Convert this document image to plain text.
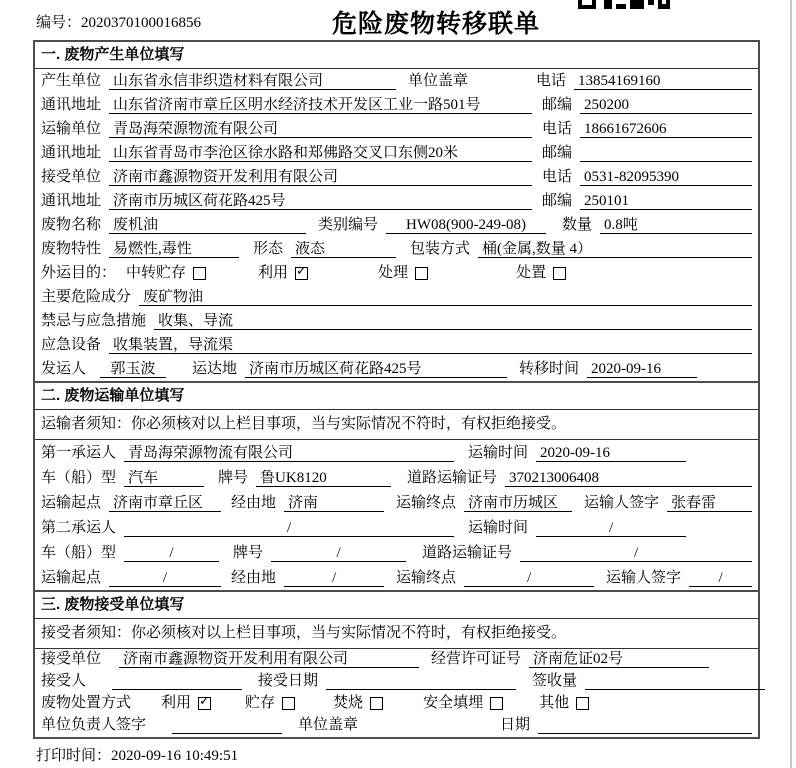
编号：2020370100016856	危险废物转移联单
一. 废物产生单位填写
产生单位 山东省永信非织造材料有限公司	单位盖章	电话 13854169160
通讯地址 山东省济南市章丘区明水经济技术开发区工业一路501号	邮编 250200
运输单位 青岛海荣源物流有限公司	电话 18661672606
通讯地址 山东省青岛市李沧区徐水路和郑佛路交叉口东侧20米	邮编
接受单位 济南市鑫源物资开发利用有限公司	电话 0531-82095390
通讯地址 济南市历城区荷花路425号	邮编 250101
废物名称 废机油	类别编号	HW08(900-249-08)	数量 0.8吨
废物特性 易燃性,毒性	形态 液态	包装方式 桶(金属,数量 4）
外运目的： 中转贮存	利用 ✓	处理	处置
主要危险成分 废矿物油
禁忌与应急措施 收集、导流
应急设备 收集装置，导流渠
发运人	郭玉波	运达地 济南市历城区荷花路425号	转移时间 2020-09-16
二. 废物运输单位填写
运输者须知：你必须核对以上栏目事项，当与实际情况不符时，有权拒绝接受。
第一承运人 青岛海荣源物流有限公司	运输时间 2020-09-16
车（船）型 汽车	牌号 鲁UK8120	道路运输证号 370213006408
运输起点 济南市章丘区	经由地 济南	运输终点 济南市历城区	运输人签字 张春雷
第二承运人	/	运输时间	/
车（船）型	/	牌号	/	道路运输证号	/
运输起点	/	经由地	/	运输终点	/	运输人签字	/
三. 废物接受单位填写
接受者须知：你必须核对以上栏目事项，当与实际情况不符时，有权拒绝接受。
接受单位 济南市鑫源物资开发利用有限公司	经营许可证号 济南危证02号
接受人	接受日期	签收量
废物处置方式 利用 ✓ 贮存	焚烧	安全填埋	其他
单位负责人签字	单位盖章	日期
打印时间：2020-09-16 10:49:51
